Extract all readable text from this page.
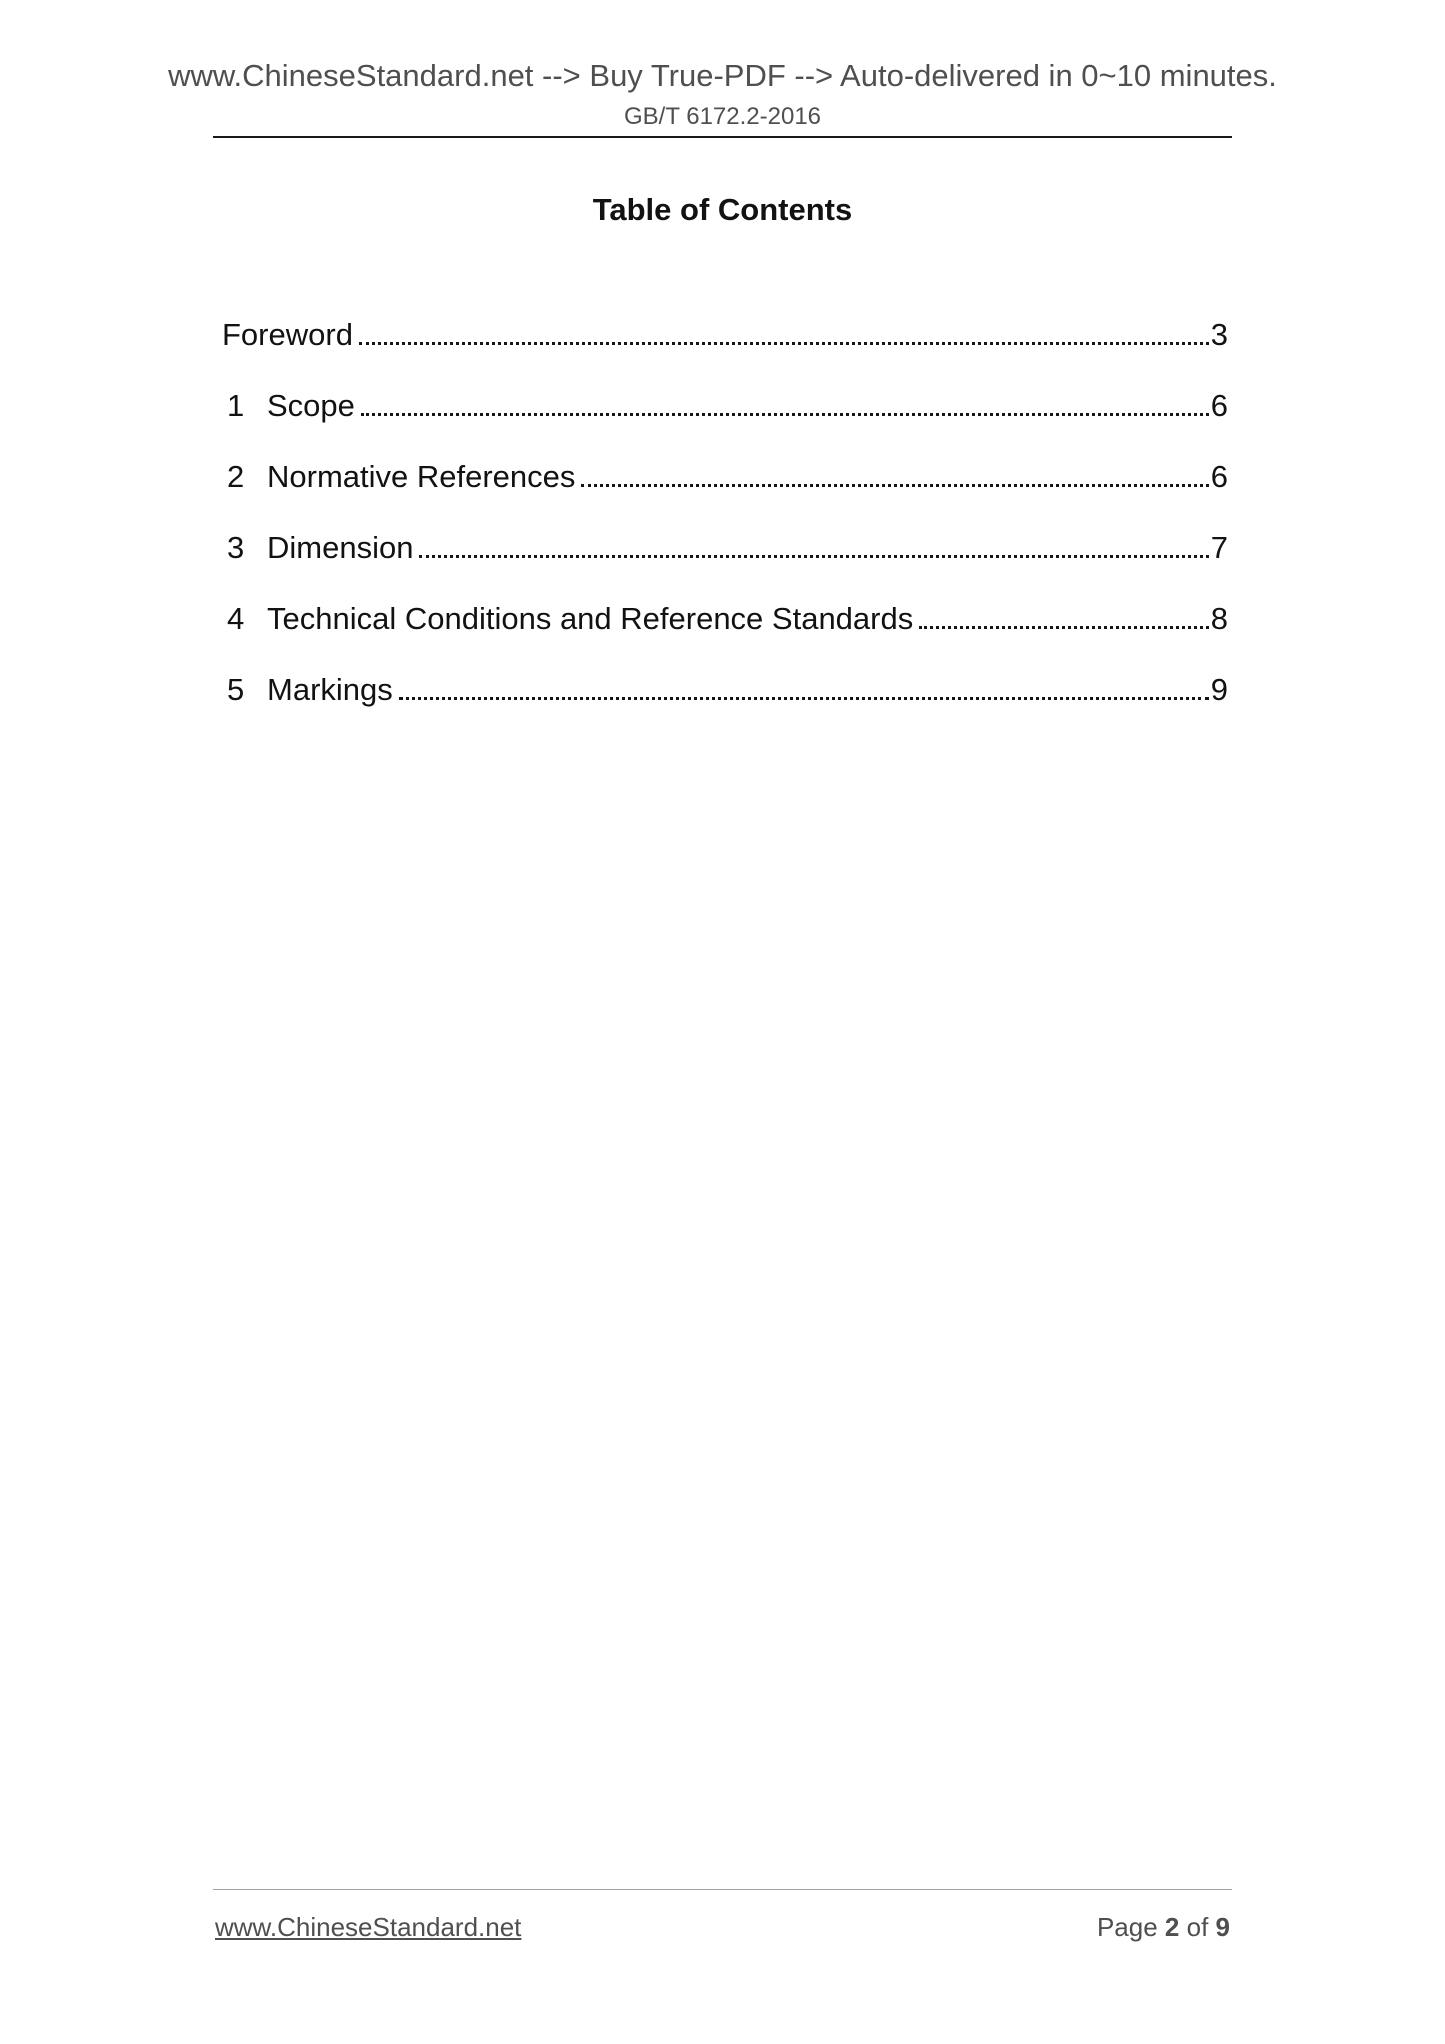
www.ChineseStandard.net --> Buy True-PDF --> Auto-delivered in 0~10 minutes.
GB/T 6172.2-2016
Table of Contents
Foreword	3
1 Scope	6
2 Normative References	6
3 Dimension	7
4 Technical Conditions and Reference Standards	8
5 Markings	9
www.ChineseStandard.net	Page 2 of 9
